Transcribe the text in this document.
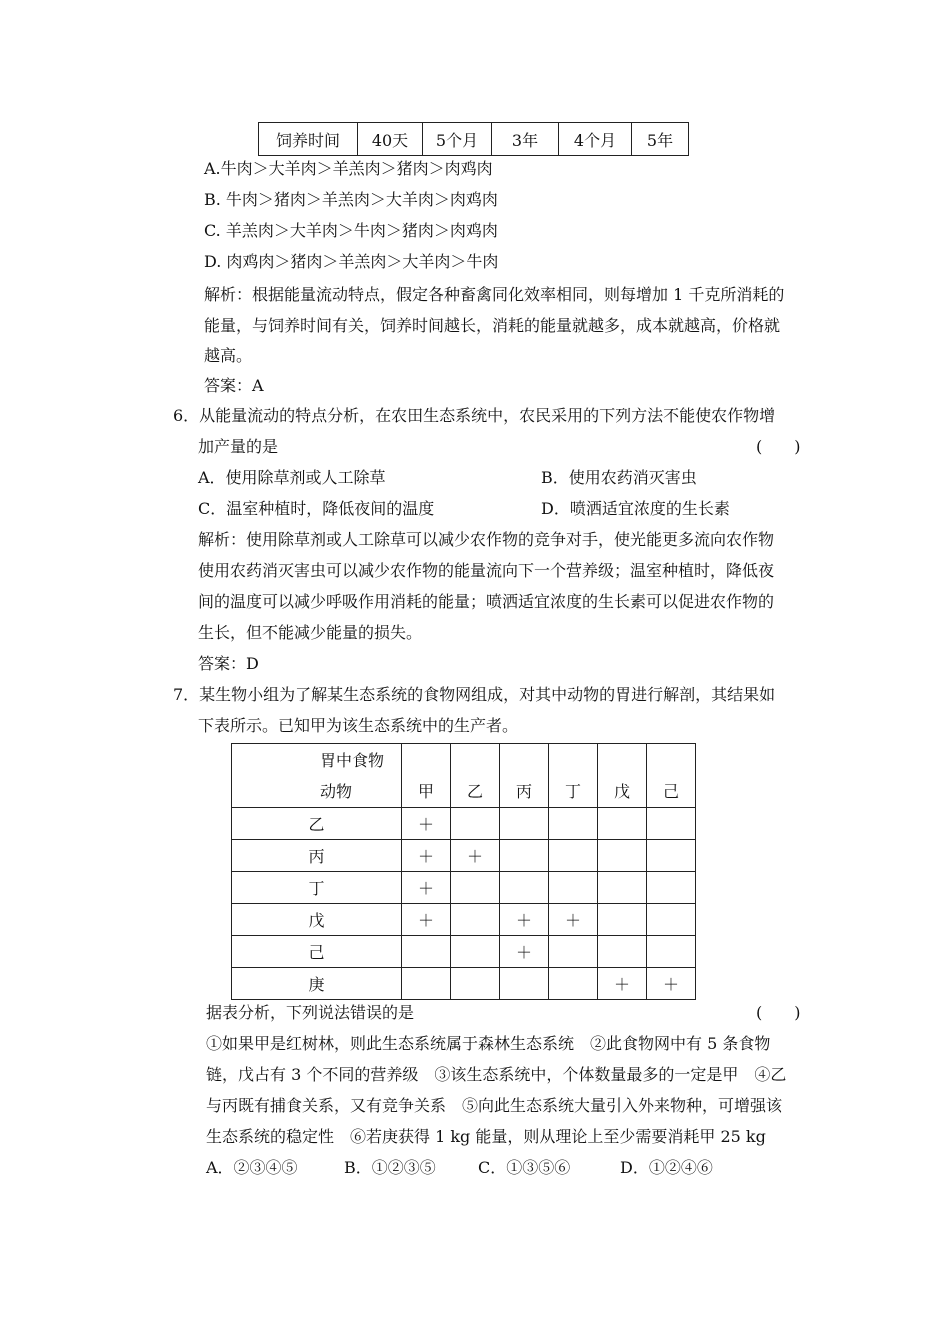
饲养时间	40天	5个月	3年	4个月	5年
A.牛肉＞大羊肉＞羊羔肉＞猪肉＞肉鸡肉
B. 牛肉＞猪肉＞羊羔肉＞大羊肉＞肉鸡肉
C. 羊羔肉＞大羊肉＞牛肉＞猪肉＞肉鸡肉
D. 肉鸡肉＞猪肉＞羊羔肉＞大羊肉＞牛肉
解析：根据能量流动特点，假定各种畜禽同化效率相同，则每增加 1 千克所消耗的
能量，与饲养时间有关，饲养时间越长，消耗的能量就越多，成本就越高，价格就
越高。
答案：A
6．从能量流动的特点分析，在农田生态系统中，农民采用的下列方法不能使农作物增
加产量的是	(　　)
A．使用除草剂或人工除草	B．使用农药消灭害虫
C．温室种植时，降低夜间的温度	D．喷洒适宜浓度的生长素
解析：使用除草剂或人工除草可以减少农作物的竞争对手，使光能更多流向农作物
使用农药消灭害虫可以减少农作物的能量流向下一个营养级；温室种植时，降低夜
间的温度可以减少呼吸作用消耗的能量；喷洒适宜浓度的生长素可以促进农作物的
生长，但不能减少能量的损失。
答案：D
7．某生物小组为了解某生态系统的食物网组成，对其中动物的胃进行解剖，其结果如
下表所示。已知甲为该生态系统中的生产者。
胃中食物						
动物	甲	乙	丙	丁	戊	己
乙	＋					
丙	＋	＋				
丁	＋					
戊	＋		＋	＋		
己			＋			
庚					＋	＋
据表分析，下列说法错误的是	(　　)
①如果甲是红树林，则此生态系统属于森林生态系统　②此食物网中有 5 条食物
链，戊占有 3 个不同的营养级　③该生态系统中，个体数量最多的一定是甲　④乙
与丙既有捕食关系，又有竞争关系　⑤向此生态系统大量引入外来物种，可增强该
生态系统的稳定性　⑥若庚获得 1 kg 能量，则从理论上至少需要消耗甲 25 kg
A．②③④⑤	B．①②③⑤	C．①③⑤⑥	D．①②④⑥
